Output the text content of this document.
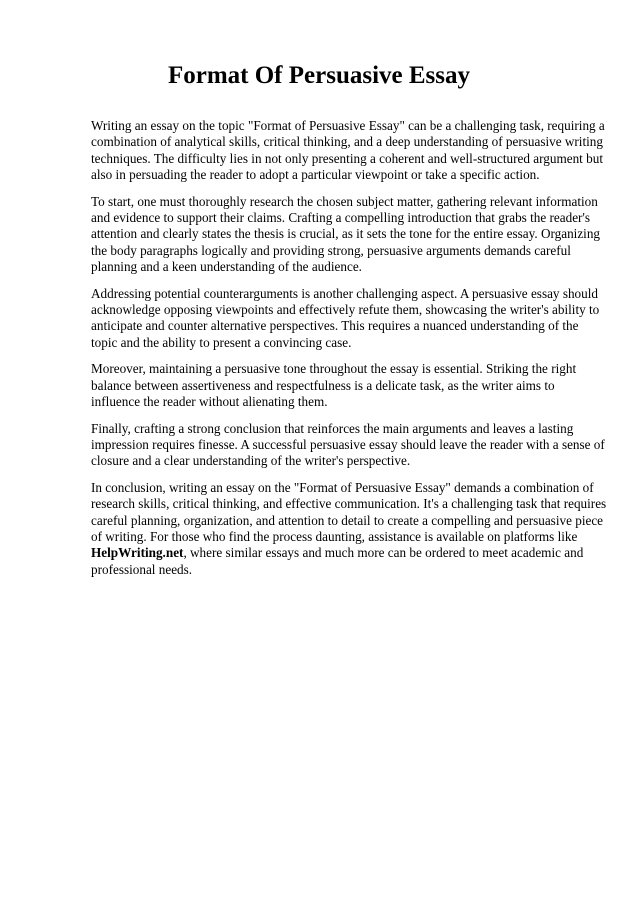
Format Of Persuasive Essay

Writing an essay on the topic "Format of Persuasive Essay" can be a challenging task, requiring a
combination of analytical skills, critical thinking, and a deep understanding of persuasive writing
techniques. The difficulty lies in not only presenting a coherent and well-structured argument but
also in persuading the reader to adopt a particular viewpoint or take a specific action.

To start, one must thoroughly research the chosen subject matter, gathering relevant information
and evidence to support their claims. Crafting a compelling introduction that grabs the reader's
attention and clearly states the thesis is crucial, as it sets the tone for the entire essay. Organizing
the body paragraphs logically and providing strong, persuasive arguments demands careful
planning and a keen understanding of the audience.

Addressing potential counterarguments is another challenging aspect. A persuasive essay should
acknowledge opposing viewpoints and effectively refute them, showcasing the writer's ability to
anticipate and counter alternative perspectives. This requires a nuanced understanding of the
topic and the ability to present a convincing case.

Moreover, maintaining a persuasive tone throughout the essay is essential. Striking the right
balance between assertiveness and respectfulness is a delicate task, as the writer aims to
influence the reader without alienating them.

Finally, crafting a strong conclusion that reinforces the main arguments and leaves a lasting
impression requires finesse. A successful persuasive essay should leave the reader with a sense of
closure and a clear understanding of the writer's perspective.

In conclusion, writing an essay on the "Format of Persuasive Essay" demands a combination of
research skills, critical thinking, and effective communication. It's a challenging task that requires
careful planning, organization, and attention to detail to create a compelling and persuasive piece
of writing. For those who find the process daunting, assistance is available on platforms like
HelpWriting.net, where similar essays and much more can be ordered to meet academic and
professional needs.
